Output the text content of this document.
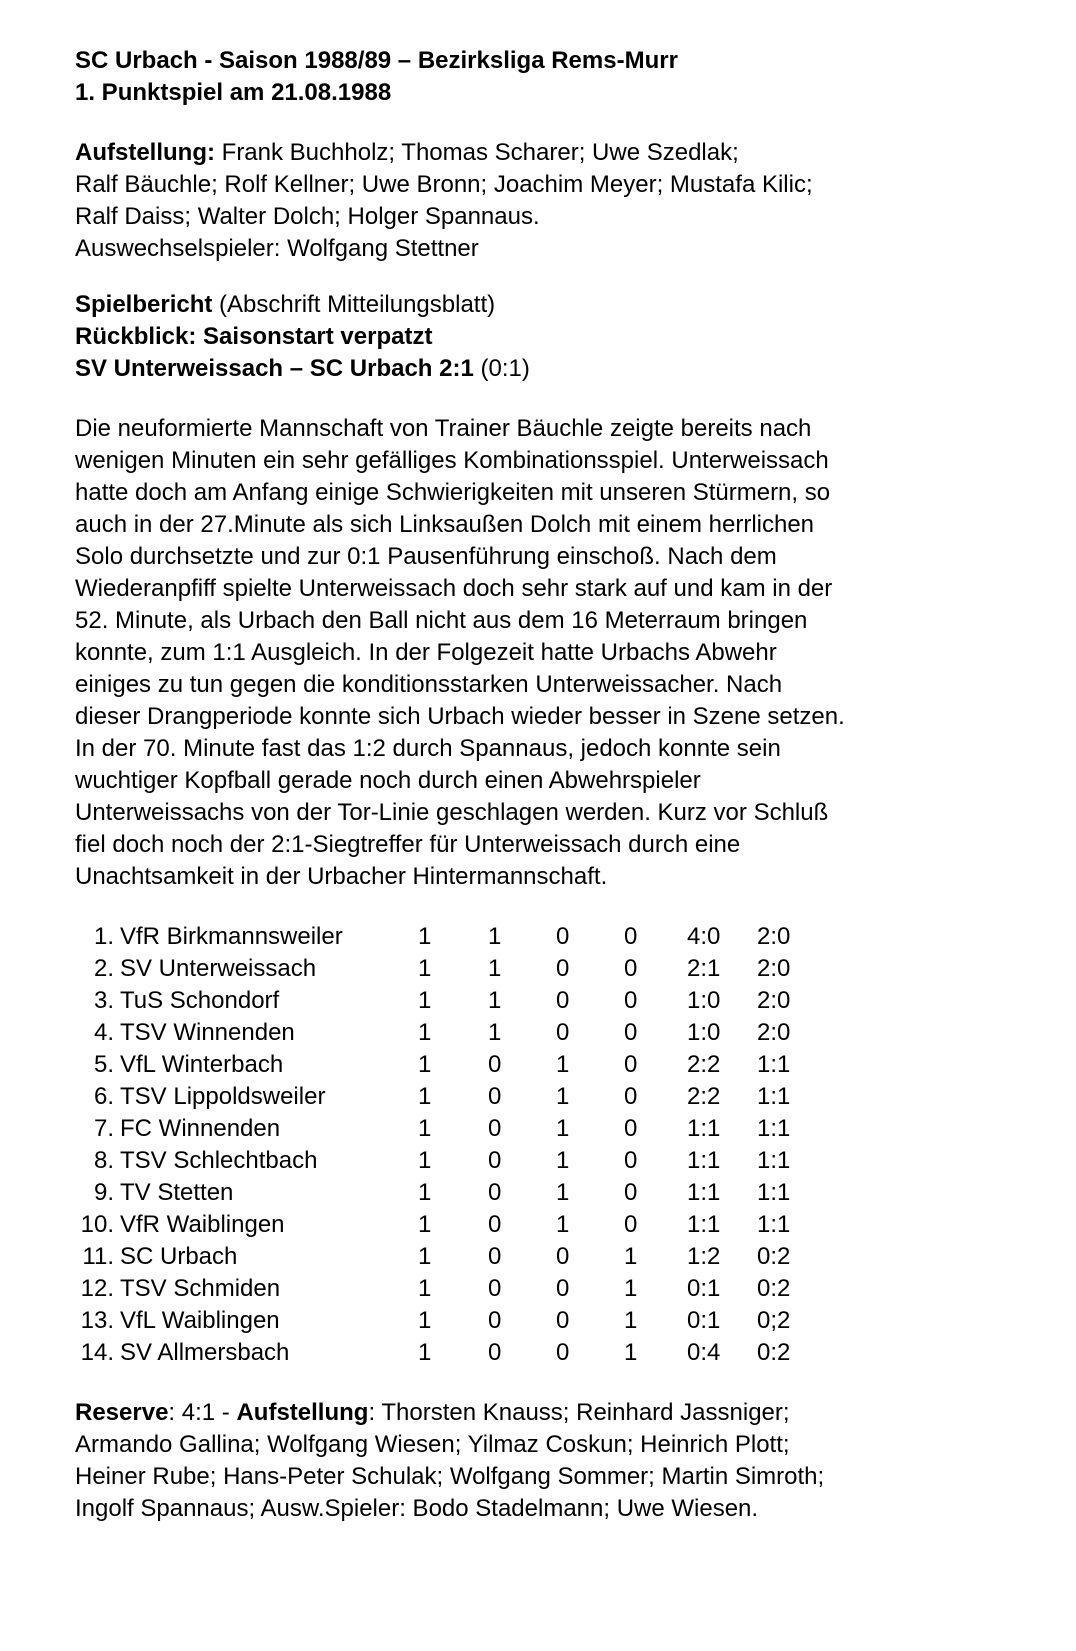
SC Urbach - Saison 1988/89 – Bezirksliga Rems-Murr
1. Punktspiel am 21.08.1988
Aufstellung: Frank Buchholz; Thomas Scharer; Uwe Szedlak;
Ralf Bäuchle; Rolf Kellner; Uwe Bronn; Joachim Meyer; Mustafa Kilic;
Ralf Daiss; Walter Dolch; Holger Spannaus.
Auswechselspieler: Wolfgang Stettner
Spielbericht (Abschrift Mitteilungsblatt)
Rückblick: Saisonstart verpatzt
SV Unterweissach – SC Urbach 2:1 (0:1)
Die neuformierte Mannschaft von Trainer Bäuchle zeigte bereits nach
wenigen Minuten ein sehr gefälliges Kombinationsspiel. Unterweissach
hatte doch am Anfang einige Schwierigkeiten mit unseren Stürmern, so
auch in der 27.Minute als sich Linksaußen Dolch mit einem herrlichen
Solo durchsetzte und zur 0:1 Pausenführung einschoß. Nach dem
Wiederanpfiff spielte Unterweissach doch sehr stark auf und kam in der
52. Minute, als Urbach den Ball nicht aus dem 16 Meterraum bringen
konnte, zum 1:1 Ausgleich. In der Folgezeit hatte Urbachs Abwehr
einiges zu tun gegen die konditionsstarken Unterweissacher. Nach
dieser Drangperiode konnte sich Urbach wieder besser in Szene setzen.
In der 70. Minute fast das 1:2 durch Spannaus, jedoch konnte sein
wuchtiger Kopfball gerade noch durch einen Abwehrspieler
Unterweissachs von der Tor-Linie geschlagen werden. Kurz vor Schluß
fiel doch noch der 2:1-Siegtreffer für Unterweissach durch eine
Unachtsamkeit in der Urbacher Hintermannschaft.
1.	VfR Birkmannsweiler	1	1	0	0	4:0	2:0
2.	SV Unterweissach	1	1	0	0	2:1	2:0
3.	TuS Schondorf	1	1	0	0	1:0	2:0
4.	TSV Winnenden	1	1	0	0	1:0	2:0
5.	VfL Winterbach	1	0	1	0	2:2	1:1
6.	TSV Lippoldsweiler	1	0	1	0	2:2	1:1
7.	FC Winnenden	1	0	1	0	1:1	1:1
8.	TSV Schlechtbach	1	0	1	0	1:1	1:1
9.	TV Stetten	1	0	1	0	1:1	1:1
10.	VfR Waiblingen	1	0	1	0	1:1	1:1
11.	SC Urbach	1	0	0	1	1:2	0:2
12.	TSV Schmiden	1	0	0	1	0:1	0:2
13.	VfL Waiblingen	1	0	0	1	0:1	0;2
14.	SV Allmersbach	1	0	0	1	0:4	0:2
Reserve: 4:1 - Aufstellung: Thorsten Knauss; Reinhard Jassniger;
Armando Gallina; Wolfgang Wiesen; Yilmaz Coskun; Heinrich Plott;
Heiner Rube; Hans-Peter Schulak; Wolfgang Sommer; Martin Simroth;
Ingolf Spannaus; Ausw.Spieler: Bodo Stadelmann; Uwe Wiesen.
